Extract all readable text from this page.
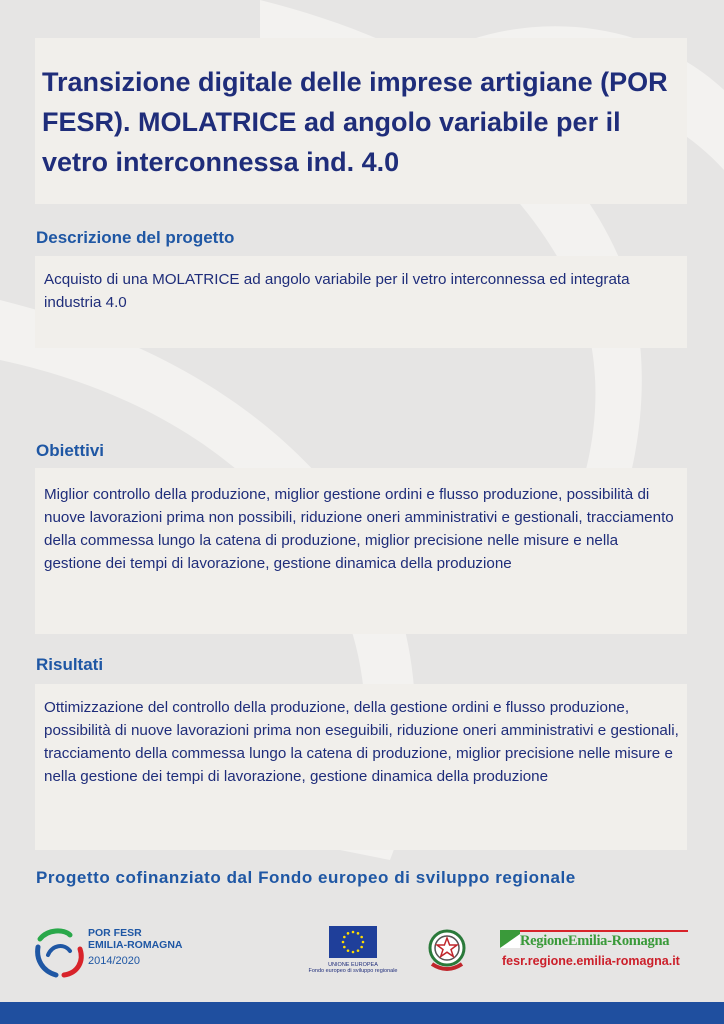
Transizione digitale delle imprese artigiane (POR FESR). MOLATRICE ad angolo variabile per il vetro interconnessa ind. 4.0
Descrizione del progetto

Acquisto di una MOLATRICE ad angolo variabile per il vetro interconnessa ed integrata industria 4.0

Obiettivi

Miglior controllo della produzione, miglior gestione ordini e flusso produzione, possibilità di nuove lavorazioni prima non possibili, riduzione oneri amministrativi e gestionali, tracciamento della commessa lungo la catena di produzione, miglior precisione nelle misure e nella gestione dei tempi di lavorazione, gestione dinamica della produzione

Risultati

Ottimizzazione del controllo della produzione, della gestione ordini e flusso produzione, possibilità di nuove lavorazioni prima non eseguibili, riduzione oneri amministrativi e gestionali, tracciamento della commessa lungo la catena di produzione, miglior precisione nelle misure e nella gestione dei tempi di lavorazione, gestione dinamica della produzione

Progetto cofinanziato dal Fondo europeo di sviluppo regionale

POR FESR
EMILIA-ROMAGNA
2014/2020	UNIONE EUROPEA
Fondo europeo di sviluppo regionale
RegioneEmilia-Romagna
fesr.regione.emilia-romagna.it
